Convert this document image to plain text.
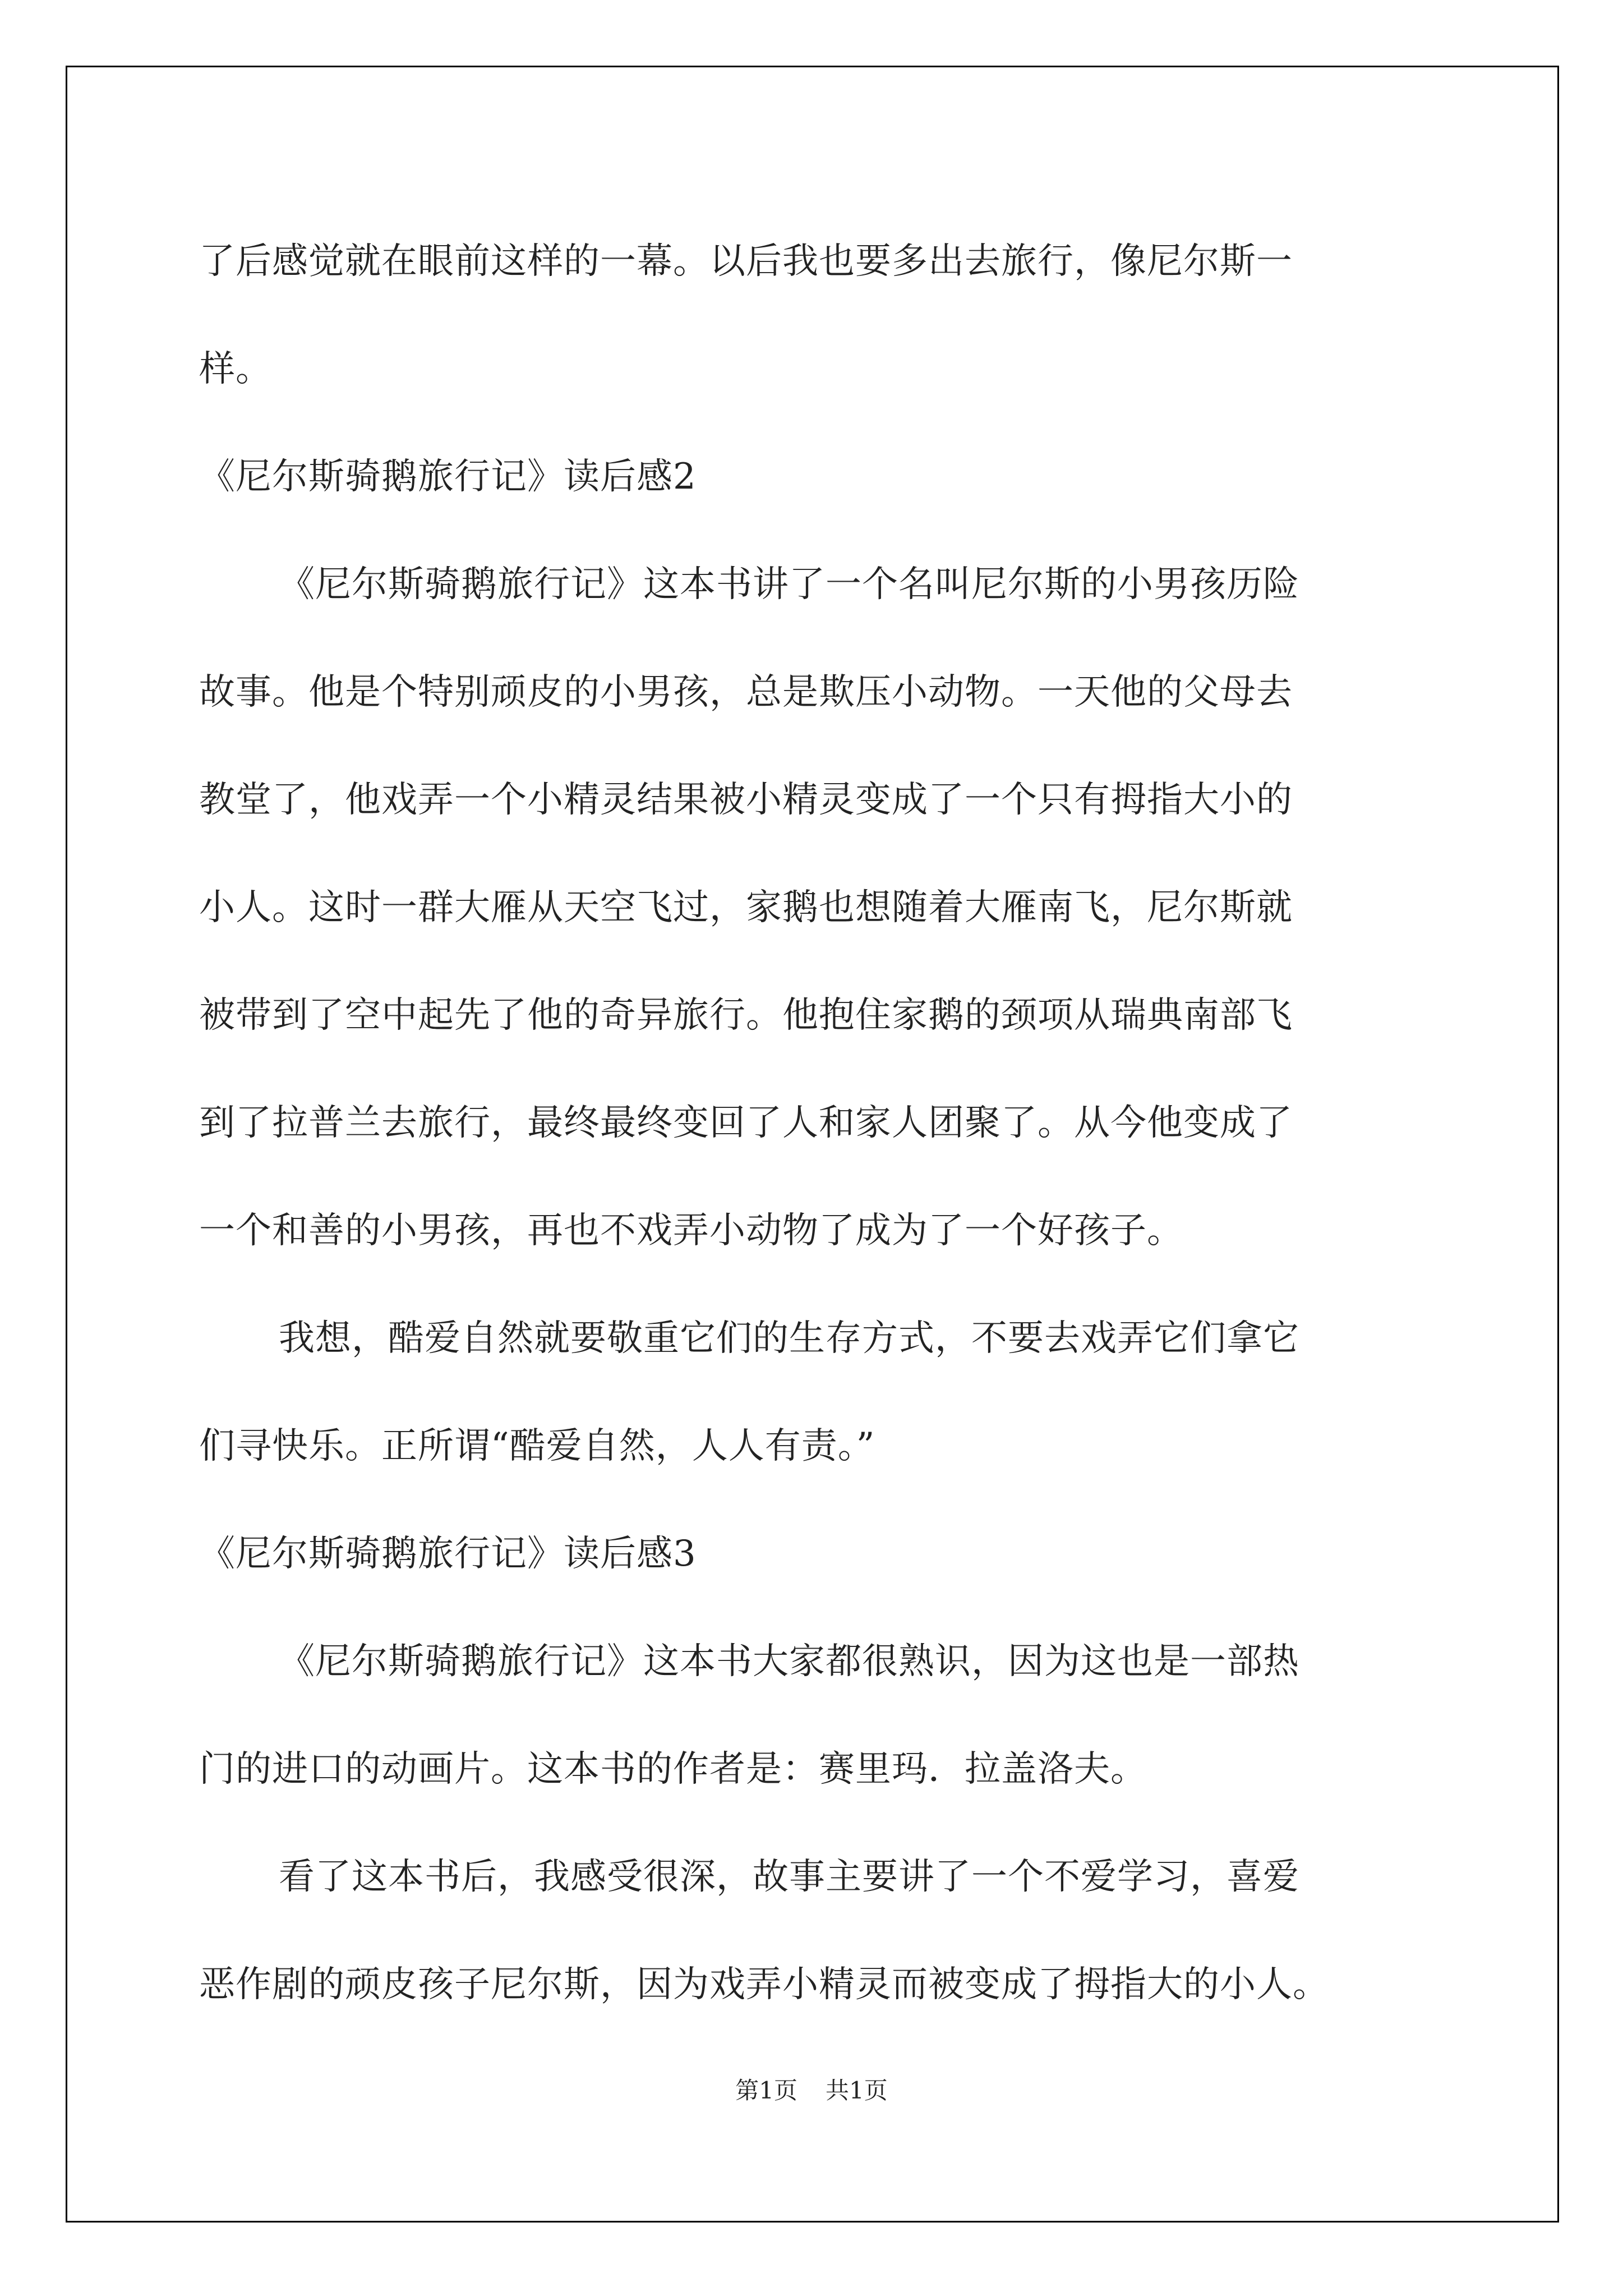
了后感觉就在眼前这样的一幕。以后我也要多出去旅行，像尼尔斯一

样。

《尼尔斯骑鹅旅行记》读后感2

《尼尔斯骑鹅旅行记》这本书讲了一个名叫尼尔斯的小男孩历险

故事。他是个特别顽皮的小男孩，总是欺压小动物。一天他的父母去

教堂了，他戏弄一个小精灵结果被小精灵变成了一个只有拇指大小的

小人。这时一群大雁从天空飞过，家鹅也想随着大雁南飞，尼尔斯就

被带到了空中起先了他的奇异旅行。他抱住家鹅的颈项从瑞典南部飞

到了拉普兰去旅行，最终最终变回了人和家人团聚了。从今他变成了

一个和善的小男孩，再也不戏弄小动物了成为了一个好孩子。

我想，酷爱自然就要敬重它们的生存方式，不要去戏弄它们拿它

们寻快乐。正所谓“酷爱自然，人人有责。”

《尼尔斯骑鹅旅行记》读后感3

《尼尔斯骑鹅旅行记》这本书大家都很熟识，因为这也是一部热

门的进口的动画片。这本书的作者是：赛里玛．拉盖洛夫。

看了这本书后，我感受很深，故事主要讲了一个不爱学习，喜爱

恶作剧的顽皮孩子尼尔斯，因为戏弄小精灵而被变成了拇指大的小人。

第1页 共1页
